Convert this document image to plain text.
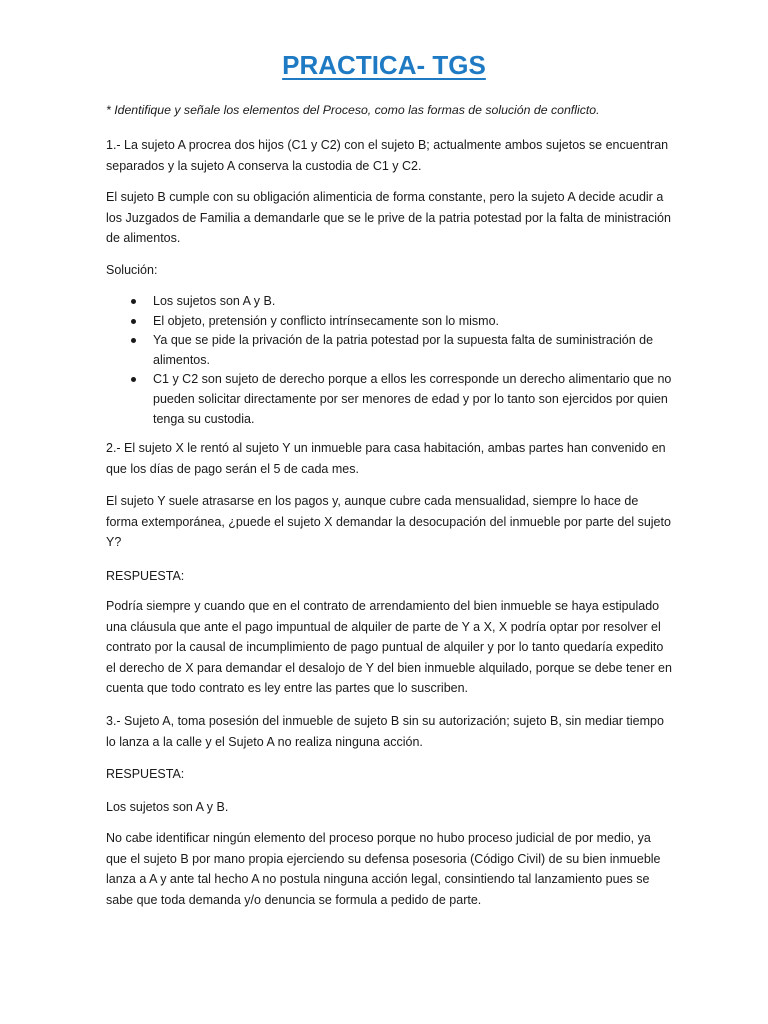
PRACTICA- TGS

* Identifique y señale los elementos del Proceso, como las formas de solución de conflicto.

1.- La sujeto A procrea dos hijos (C1 y C2) con el sujeto B; actualmente ambos sujetos se encuentran separados y la sujeto A conserva la custodia de C1 y C2.

El sujeto B cumple con su obligación alimenticia de forma constante, pero la sujeto A decide acudir a los Juzgados de Familia a demandarle que se le prive de la patria potestad por la falta de ministración de alimentos.

Solución:

Los sujetos son A y B.
El objeto, pretensión y conflicto intrínsecamente son lo mismo.
Ya que se pide la privación de la patria potestad por la supuesta falta de suministración de alimentos.
C1 y C2 son sujeto de derecho porque a ellos les corresponde un derecho alimentario que no pueden solicitar directamente por ser menores de edad y por lo tanto son ejercidos por quien tenga su custodia.

2.- El sujeto X le rentó al sujeto Y un inmueble para casa habitación, ambas partes han convenido en que los días de pago serán el 5 de cada mes.

El sujeto Y suele atrasarse en los pagos y, aunque cubre cada mensualidad, siempre lo hace de forma extemporánea, ¿puede el sujeto X demandar la desocupación del inmueble por parte del sujeto Y?

RESPUESTA:

Podría siempre y cuando que en el contrato de arrendamiento del bien inmueble se haya estipulado una cláusula que ante el pago impuntual de alquiler de parte de Y a X, X podría optar por resolver el contrato por la causal de incumplimiento de pago puntual de alquiler y por lo tanto quedaría expedito el derecho de X para demandar el desalojo de Y del bien inmueble alquilado, porque se debe tener en cuenta que todo contrato es ley entre las partes que lo suscriben.

3.- Sujeto A, toma posesión del inmueble de sujeto B sin su autorización; sujeto B, sin mediar tiempo lo lanza a la calle y el Sujeto A no realiza ninguna acción.

RESPUESTA:

Los sujetos son A y B.

No cabe identificar ningún elemento del proceso porque no hubo proceso judicial de por medio, ya que el sujeto B por mano propia ejerciendo su defensa posesoria (Código Civil) de su bien inmueble lanza a A y ante tal hecho A no postula ninguna acción legal, consintiendo tal lanzamiento pues se sabe que toda demanda y/o denuncia se formula a pedido de parte.
